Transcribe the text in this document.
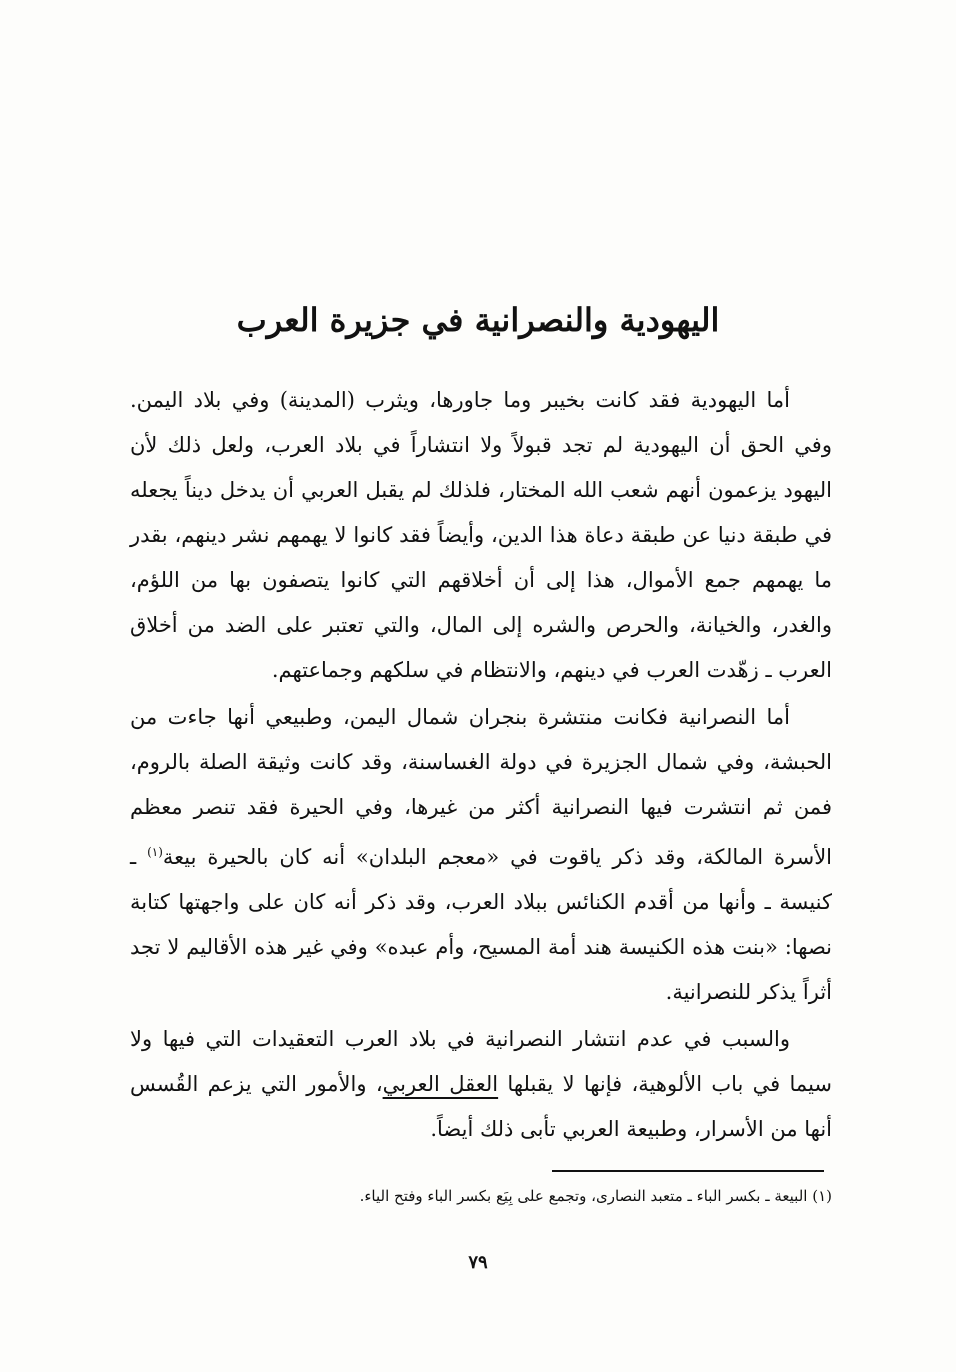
اليهودية والنصرانية في جزيرة العرب

أما اليهودية فقد كانت بخيبر وما جاورها، ويثرب (المدينة) وفي بلاد اليمن. وفي الحق أن اليهودية لم تجد قبولاً ولا انتشاراً في بلاد العرب، ولعل ذلك لأن اليهود يزعمون أنهم شعب الله المختار، فلذلك لم يقبل العربي أن يدخل ديناً يجعله في طبقة دنيا عن طبقة دعاة هذا الدين، وأيضاً فقد كانوا لا يهمهم نشر دينهم، بقدر ما يهمهم جمع الأموال، هذا إلى أن أخلاقهم التي كانوا يتصفون بها من اللؤم، والغدر، والخيانة، والحرص والشره إلى المال، والتي تعتبر على الضد من أخلاق العرب ـ زهّدت العرب في دينهم، والانتظام في سلكهم وجماعتهم.

أما النصرانية فكانت منتشرة بنجران شمال اليمن، وطبيعي أنها جاءت من الحبشة، وفي شمال الجزيرة في دولة الغساسنة، وقد كانت وثيقة الصلة بالروم، فمن ثم انتشرت فيها النصرانية أكثر من غيرها، وفي الحيرة فقد تنصر معظم الأسرة المالكة، وقد ذكر ياقوت في «معجم البلدان» أنه كان بالحيرة بيعة$^{(١)}$ ـ كنيسة ـ وأنها من أقدم الكنائس ببلاد العرب، وقد ذكر أنه كان على واجهتها كتابة نصها: «بنت هذه الكنيسة هند أمة المسيح، وأم عبده» وفي غير هذه الأقاليم لا تجد أثراً يذكر للنصرانية.

والسبب في عدم انتشار النصرانية في بلاد العرب التعقيدات التي فيها ولا سيما في باب الألوهية، فإنها لا يقبلها العقل العربي، والأمور التي يزعم القُسس أنها من الأسرار، وطبيعة العربي تأبى ذلك أيضاً.

(١) البيعة ـ بكسر الباء ـ متعبد النصارى، وتجمع على بِيَع بكسر الباء وفتح الياء.
٧٩
